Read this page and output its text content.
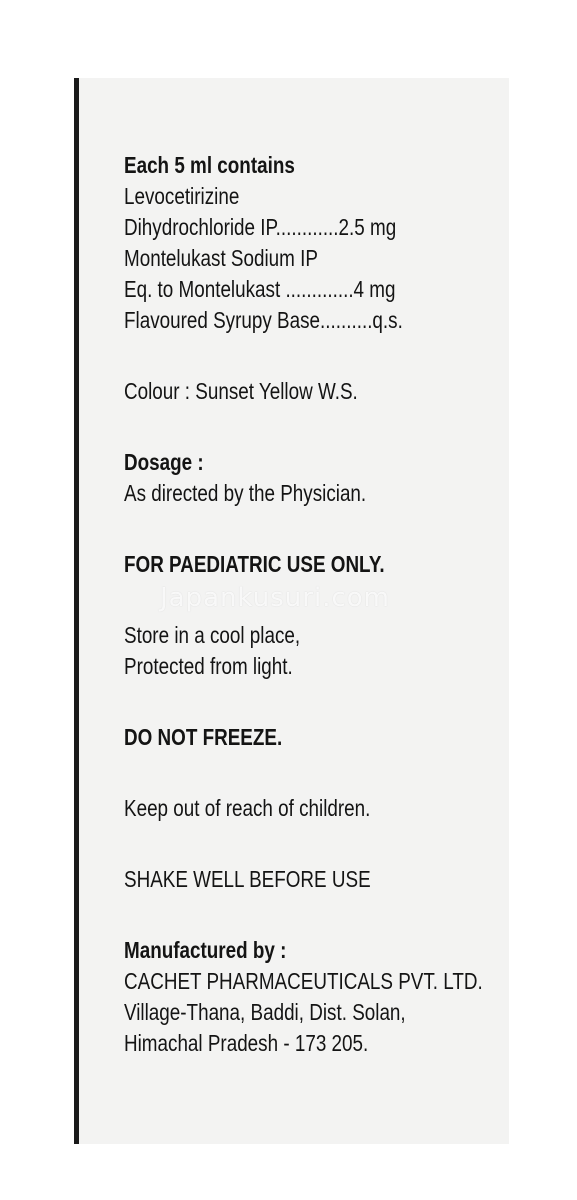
Japankusuri.com

Each 5 ml contains

Levocetirizine

Dihydrochloride IP............2.5 mg

Montelukast Sodium IP

Eq. to Montelukast .............4 mg

Flavoured Syrupy Base..........q.s.

Colour : Sunset Yellow W.S.

Dosage :

As directed by the Physician.

FOR PAEDIATRIC USE ONLY.

Store in a cool place,

Protected from light.

DO NOT FREEZE.

Keep out of reach of children.

SHAKE WELL BEFORE USE

Manufactured by :

CACHET PHARMACEUTICALS PVT. LTD.

Village-Thana, Baddi, Dist. Solan,

Himachal Pradesh - 173 205.
